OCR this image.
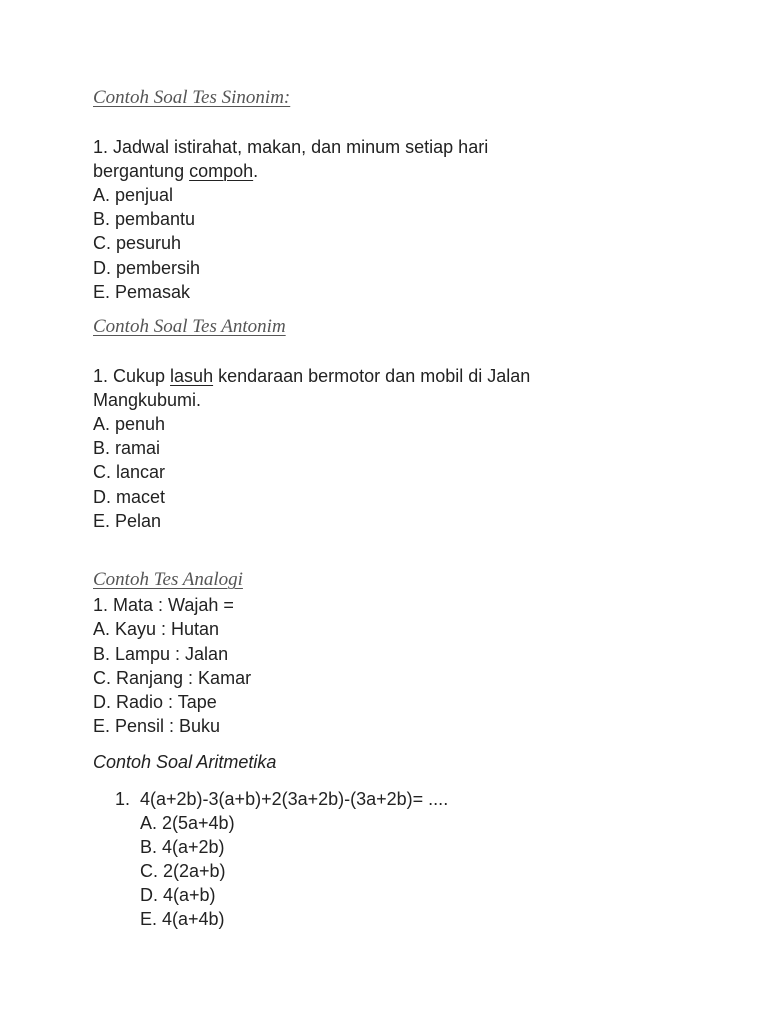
Contoh Soal Tes Sinonim:
1. Jadwal istirahat, makan, dan minum setiap hari
bergantung compoh.
A. penjual
B. pembantu
C. pesuruh
D. pembersih
E. Pemasak
Contoh Soal Tes Antonim
1. Cukup lasuh kendaraan bermotor dan mobil di Jalan
Mangkubumi.
A. penuh
B. ramai
C. lancar
D. macet
E. Pelan
Contoh Tes Analogi
1. Mata : Wajah =
A. Kayu : Hutan
B. Lampu : Jalan
C. Ranjang : Kamar
D. Radio : Tape
E. Pensil : Buku
Contoh Soal Aritmetika
1. 4(a+2b)-3(a+b)+2(3a+2b)-(3a+2b)= ....
A. 2(5a+4b)
B. 4(a+2b)
C. 2(2a+b)
D. 4(a+b)
E. 4(a+4b)
